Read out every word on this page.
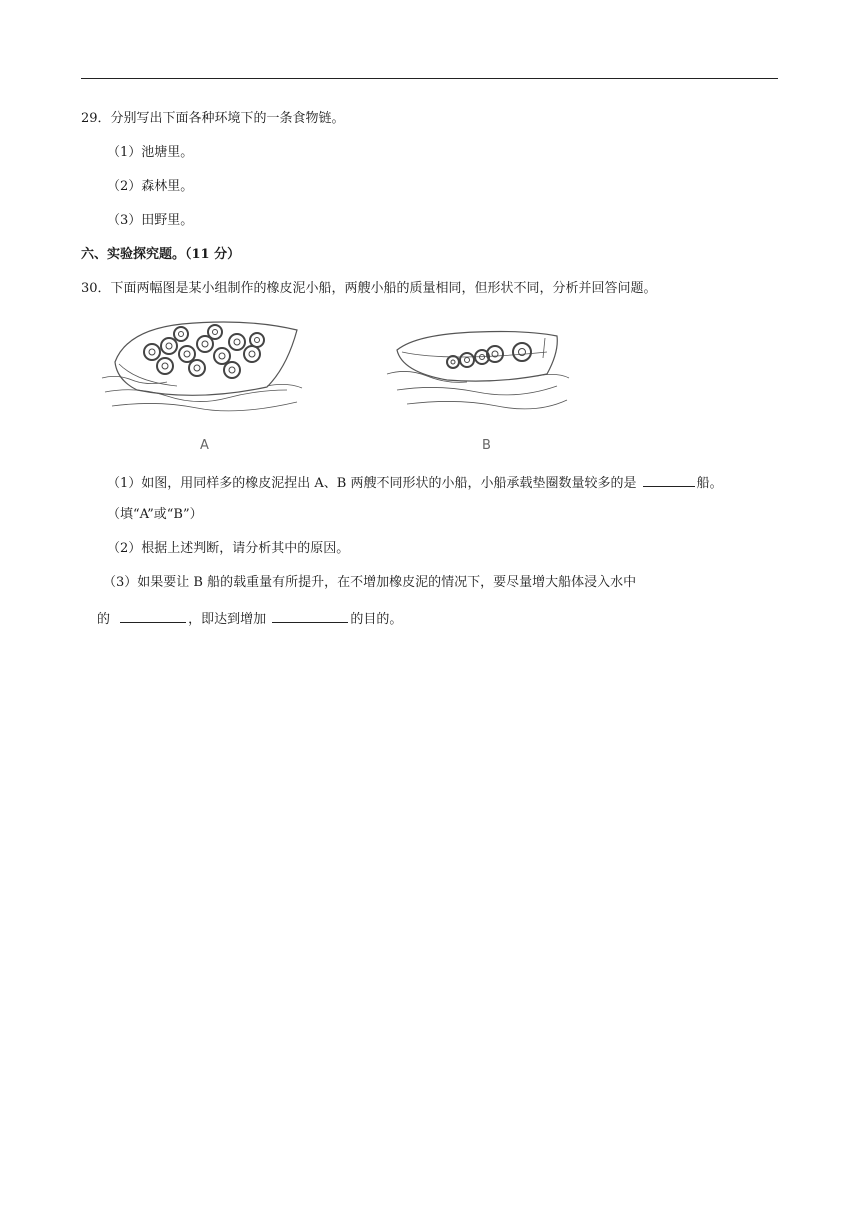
29．分别写出下面各种环境下的一条食物链。
（1）池塘里。
（2）森林里。
（3）田野里。
六、实验探究题。（11 分）
30．下面两幅图是某小组制作的橡皮泥小船，两艘小船的质量相同，但形状不同，分析并回答问题。
A	B
（1）如图，用同样多的橡皮泥捏出 A、B 两艘不同形状的小船，小船承载垫圈数量较多的是	船。
（填“A”或“B”）
（2）根据上述判断，请分析其中的原因。
（3）如果要让 B 船的载重量有所提升，在不增加橡皮泥的情况下，要尽量增大船体浸入水中
的	，即达到增加	的目的。
